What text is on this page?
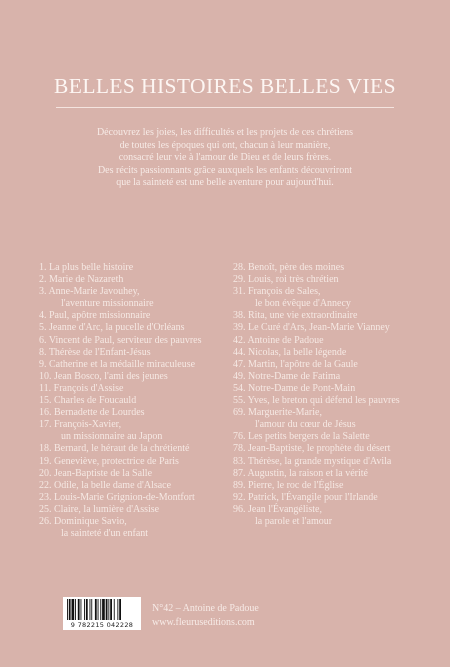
BELLES HISTOIRES BELLES VIES

Découvrez les joies, les difficultés et les projets de ces chrétiens

de toutes les époques qui ont, chacun à leur manière,

consacré leur vie à l'amour de Dieu et de leurs frères.

Des récits passionnants grâce auxquels les enfants découvriront

que la sainteté est une belle aventure pour aujourd'hui.

1. La plus belle histoire
2. Marie de Nazareth
3. Anne-Marie Javouhey,
l'aventure missionnaire
4. Paul, apôtre missionnaire
5. Jeanne d'Arc, la pucelle d'Orléans
6. Vincent de Paul, serviteur des pauvres
8. Thérèse de l'Enfant-Jésus
9. Catherine et la médaille miraculeuse
10. Jean Bosco, l'ami des jeunes
11. François d'Assise
15. Charles de Foucauld
16. Bernadette de Lourdes
17. François-Xavier,
un missionnaire au Japon
18. Bernard, le héraut de la chrétienté
19. Geneviève, protectrice de Paris
20. Jean-Baptiste de la Salle
22. Odile, la belle dame d'Alsace
23. Louis-Marie Grignion-de-Montfort
25. Claire, la lumière d'Assise
26. Dominique Savio,
la sainteté d'un enfant
28. Benoît, père des moines
29. Louis, roi très chrétien
31. François de Sales,
le bon évêque d'Annecy
38. Rita, une vie extraordinaire
39. Le Curé d'Ars, Jean-Marie Vianney
42. Antoine de Padoue
44. Nicolas, la belle légende
47. Martin, l'apôtre de la Gaule
49. Notre-Dame de Fatima
54. Notre-Dame de Pont-Main
55. Yves, le breton qui défend les pauvres
69. Marguerite-Marie,
l'amour du cœur de Jésus
76. Les petits bergers de la Salette
78. Jean-Baptiste, le prophète du désert
83. Thérèse, la grande mystique d'Avila
87. Augustin, la raison et la vérité
89. Pierre, le roc de l'Église
92. Patrick, l'Évangile pour l'Irlande
96. Jean l'Évangéliste,
la parole et l'amour
9 782215 042228
N°42 – Antoine de Padoue
www.fleuruseditions.com
